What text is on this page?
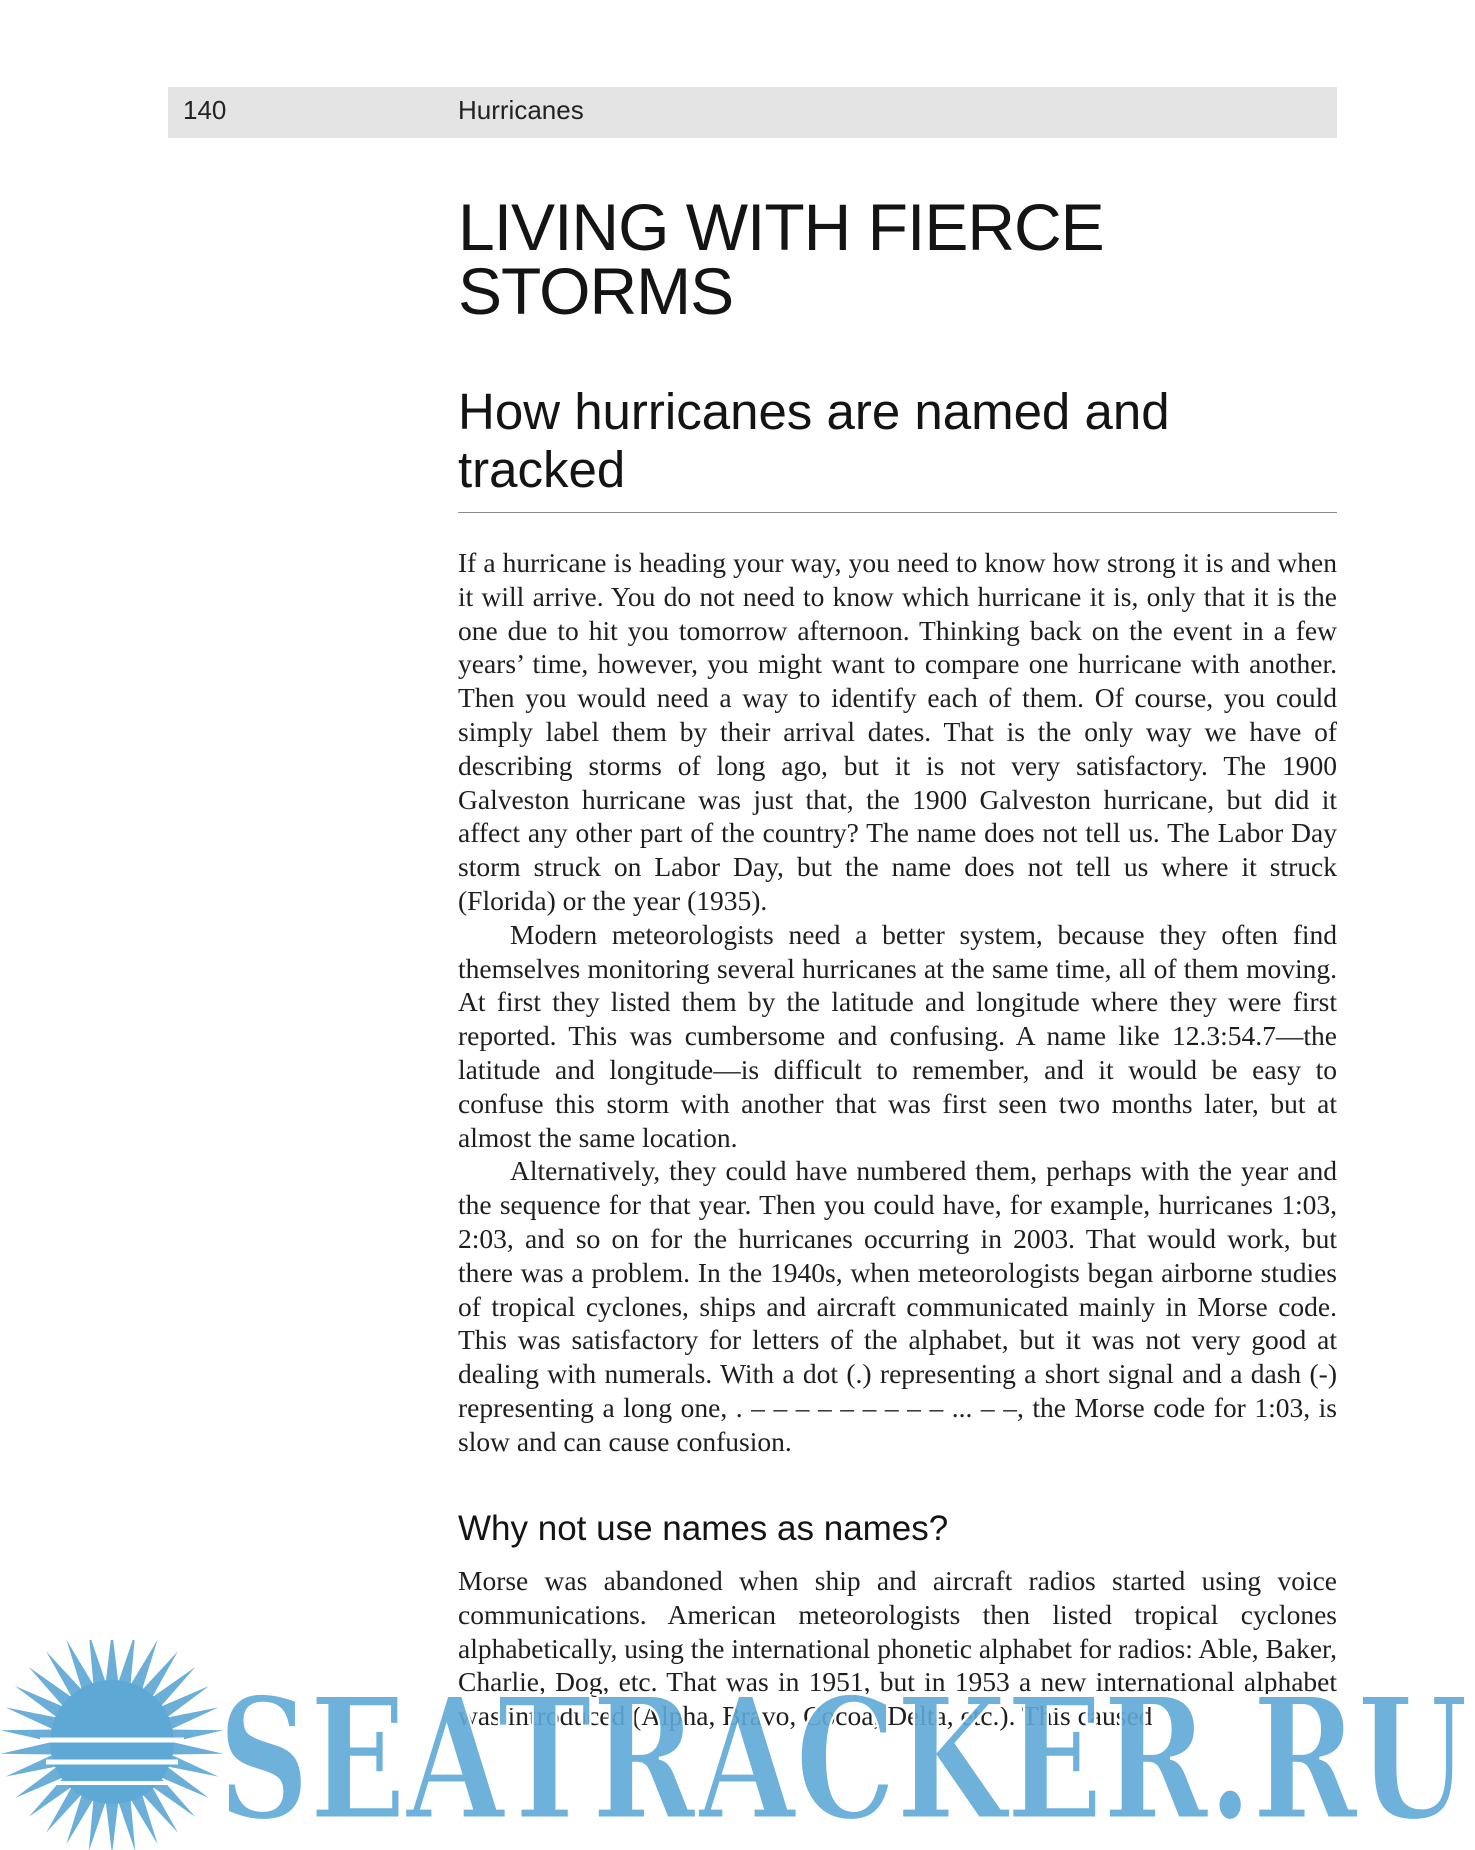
140	Hurricanes
LIVING WITH FIERCE STORMS
How hurricanes are named and tracked

If a hurricane is heading your way, you need to know how strong it is and when it will arrive. You do not need to know which hurricane it is, only that it is the one due to hit you tomorrow afternoon. Thinking back on the event in a few years’ time, however, you might want to compare one hurricane with another. Then you would need a way to identify each of them. Of course, you could simply label them by their arrival dates. That is the only way we have of describing storms of long ago, but it is not very satisfactory. The 1900 Galveston hurricane was just that, the 1900 Galveston hurricane, but did it affect any other part of the country? The name does not tell us. The Labor Day storm struck on Labor Day, but the name does not tell us where it struck (Florida) or the year (1935).

Modern meteorologists need a better system, because they often find themselves monitoring several hurricanes at the same time, all of them moving. At first they listed them by the latitude and longitude where they were first reported. This was cumbersome and confusing. A name like 12.3:54.7—the latitude and longitude—is difficult to remember, and it would be easy to confuse this storm with another that was first seen two months later, but at almost the same location.

Alternatively, they could have numbered them, perhaps with the year and the sequence for that year. Then you could have, for example, hurricanes 1:03, 2:03, and so on for the hurricanes occurring in 2003. That would work, but there was a problem. In the 1940s, when meteorologists began airborne studies of tropical cyclones, ships and aircraft communicated mainly in Morse code. This was satisfactory for letters of the alphabet, but it was not very good at dealing with numerals. With a dot (.) representing a short signal and a dash (-) representing a long one, . – – – – – – – – – ... – –, the Morse code for 1:03, is slow and can cause confusion.

Why not use names as names?

Morse was abandoned when ship and aircraft radios started using voice communications. American meteorologists then listed tropical cyclones alphabetically, using the international phonetic alphabet for radios: Able, Baker, Charlie, Dog, etc. That was in 1951, but in 1953 a new international alphabet was introduced (Alpha, Bravo, Cocoa, Delta, etc.). This caused

SEATRACKER.RU
